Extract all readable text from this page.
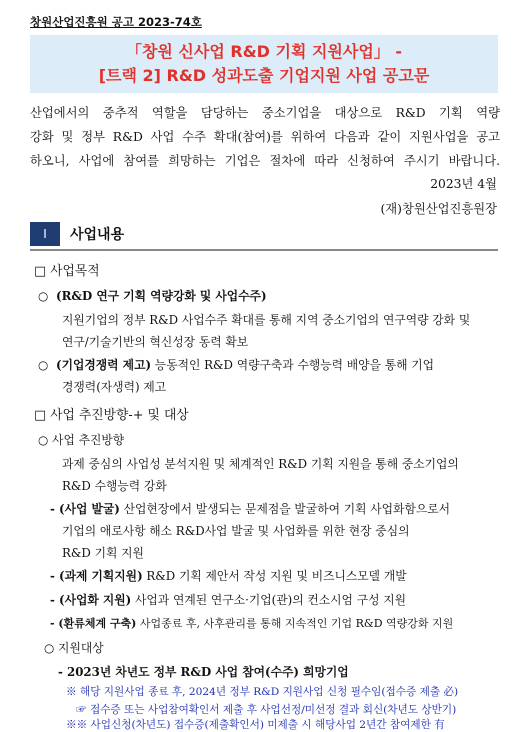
창원산업진흥원 공고 2023-74호
「창원 신사업 R&D 기획 지원사업」 -
[트랙 2] R&D 성과도출 기업지원 사업 공고문
산업에서의 중추적 역할을 담당하는 중소기업을 대상으로 R&D 기획 역량
강화 및 정부 R&D 사업 수주 확대(참여)를 위하여 다음과 같이 지원사업을 공고
하오니, 사업에 참여를 희망하는 기업은 절차에 따라 신청하여 주시기 바랍니다.
2023년 4월
(재)창원산업진흥원장
Ⅰ	사업내용
□ 사업목적
○ (R&D 연구 기획 역량강화 및 사업수주)
지원기업의 정부 R&D 사업수주 확대를 통해 지역 중소기업의 연구역량 강화 및
연구/기술기반의 혁신성장 동력 확보
○ (기업경쟁력 제고) 능동적인 R&D 역량구축과 수행능력 배양을 통해 기업
경쟁력(자생력) 제고
□ 사업 추진방향-+ 및 대상
○ 사업 추진방향
과제 중심의 사업성 분석지원 및 체계적인 R&D 기획 지원을 통해 중소기업의
R&D 수행능력 강화
- (사업 발굴) 산업현장에서 발생되는 문제점을 발굴하여 기획 사업화함으로서
기업의 애로사항 해소 R&D사업 발굴 및 사업화를 위한 현장 중심의
R&D 기획 지원
- (과제 기획지원) R&D 기획 제안서 작성 지원 및 비즈니스모델 개발
- (사업화 지원) 사업과 연계된 연구소·기업(관)의 컨소시엄 구성 지원
- (환류체계 구축) 사업종료 후, 사후관리를 통해 지속적인 기업 R&D 역량강화 지원
○ 지원대상
- 2023년 차년도 정부 R&D 사업 참여(수주) 희망기업
※ 해당 지원사업 종료 후, 2024년 정부 R&D 지원사업 신청 필수임(접수증 제출 必)
☞ 접수증 또는 사업참여확인서 제출 후 사업선정/미선정 결과 회신(차년도 상반기)
※※ 사업신청(차년도) 접수증(제출확인서) 미제출 시 해당사업 2년간 참여제한 有
